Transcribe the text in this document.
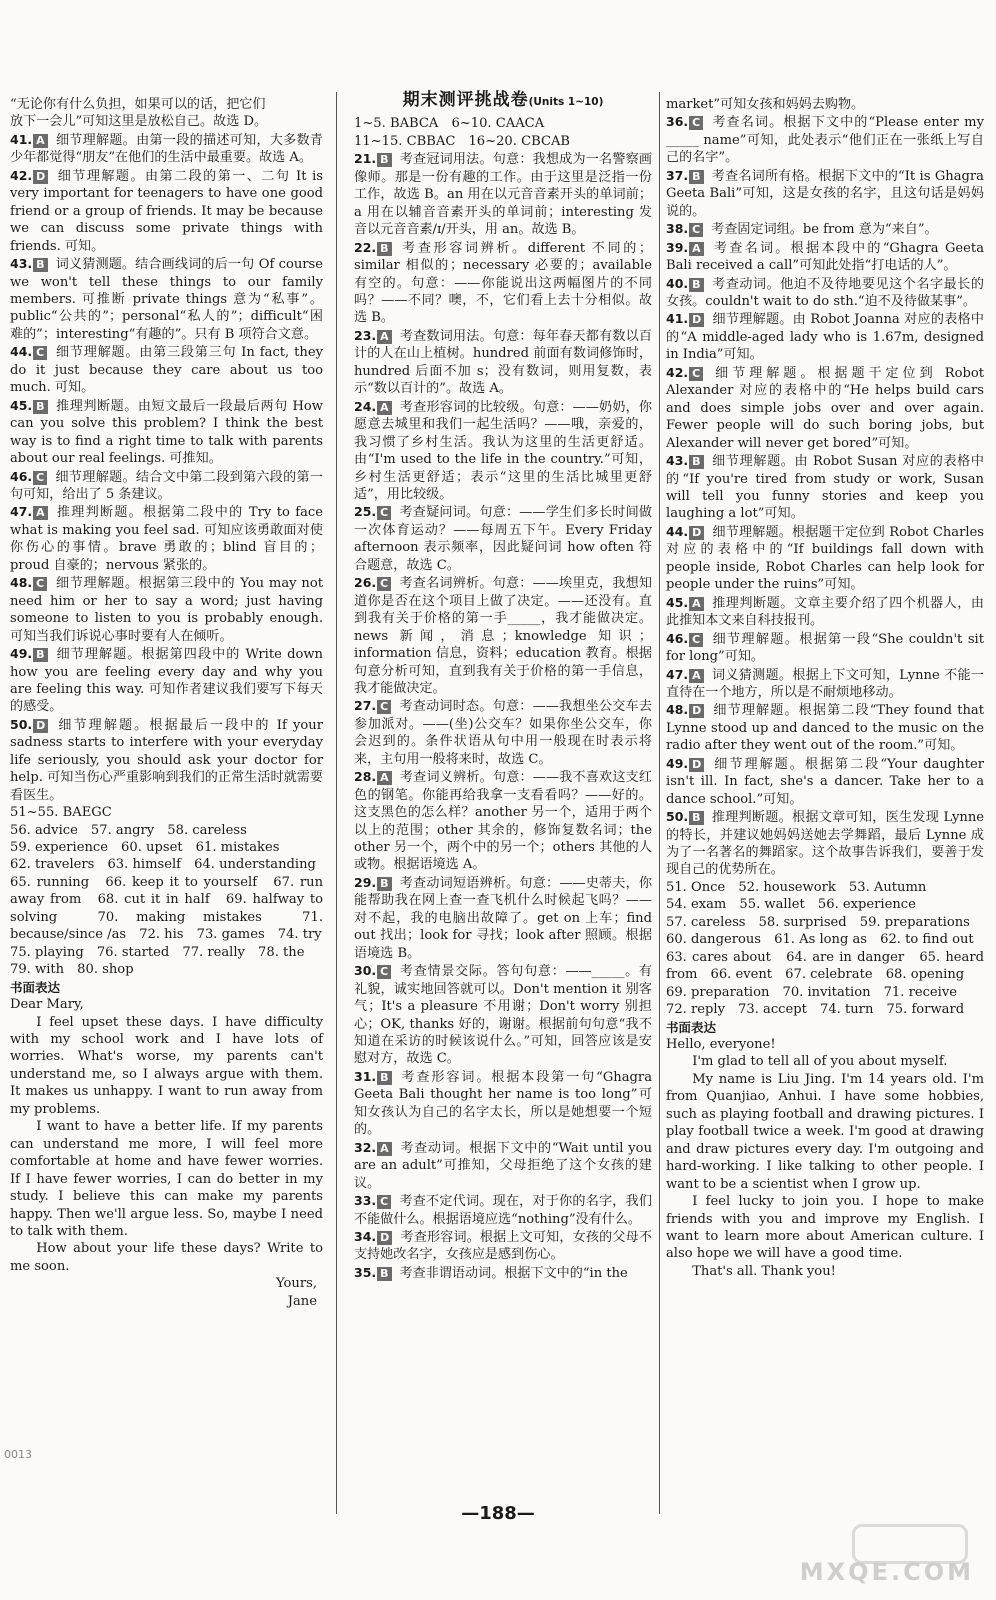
“无论你有什么负担，如果可以的话，把它们
放下一会儿”可知这里是放松自己。故选 D。
41. A 细节理解题。由第一段的描述可知，大多数青少年都觉得“朋友”在他们的生活中最重要。故选 A。
42. D 细节理解题。由第二段的第一、二句 It is very important for teenagers to have one good friend or a group of friends. It may be because we can discuss some private things with friends. 可知。
43. B 词义猜测题。结合画线词的后一句 Of course we won't tell these things to our family members. 可推断 private things 意为“私事”。public“公共的”；personal“私人的”；difficult“困难的”；interesting“有趣的”。只有 B 项符合文意。
44. C 细节理解题。由第三段第三句 In fact, they do it just because they care about us too much. 可知。
45. B 推理判断题。由短文最后一段最后两句 How can you solve this problem? I think the best way is to find a right time to talk with parents about our real feelings. 可推知。
46. C 细节理解题。结合文中第二段到第六段的第一句可知，给出了 5 条建议。
47. A 推理判断题。根据第二段中的 Try to face what is making you feel sad. 可知应该勇敢面对使你伤心的事情。brave 勇敢的；blind 盲目的；proud 自豪的；nervous 紧张的。
48. C 细节理解题。根据第三段中的 You may not need him or her to say a word; just having someone to listen to you is probably enough. 可知当我们诉说心事时要有人在倾听。
49. B 细节理解题。根据第四段中的 Write down how you are feeling every day and why you are feeling this way. 可知作者建议我们要写下每天的感受。
50. D 细节理解题。根据最后一段中的 If your sadness starts to interfere with your everyday life seriously, you should ask your doctor for help. 可知当伤心严重影响到我们的正常生活时就需要看医生。
51~55. BAEGC
56. advice　57. angry　58. careless
59. experience　60. upset　61. mistakes
62. travelers　63. himself　64. understanding
65. running　66. keep it to yourself　67. run away from　68. cut it in half　69. halfway to solving　70. making mistakes　71. because/since /as　72. his　73. games　74. try
75. playing　76. started　77. really　78. the
79. with　80. shop
书面表达

Dear Mary,

I feel upset these days. I have difficulty with my school work and I have lots of worries. What's worse, my parents can't understand me, so I always argue with them. It makes us unhappy. I want to run away from my problems.

I want to have a better life. If my parents can understand me more, I will feel more comfortable at home and have fewer worries. If I have fewer worries, I can do better in my study. I believe this can make my parents happy. Then we'll argue less. So, maybe I need to talk with them.

How about your life these days? Write to me soon.

Yours,
Jane
期末测评挑战卷(Units 1~10)
1~5. BABCA　6~10. CAACA
11~15. CBBAC　16~20. CBCAB
21. B 考查冠词用法。句意：我想成为一名警察画像师。那是一份有趣的工作。由于这里是泛指一份工作，故选 B。an 用在以元音音素开头的单词前；a 用在以辅音音素开头的单词前；interesting 发音以元音音素/ɪ/开头，用 an。故选 B。
22. B 考查形容词辨析。different 不同的；similar 相似的；necessary 必要的；available 有空的。句意：——你能说出这两幅图片的不同吗？——不同？噢，不，它们看上去十分相似。故选 B。
23. A 考查数词用法。句意：每年春天都有数以百计的人在山上植树。hundred 前面有数词修饰时，hundred 后面不加 s；没有数词，则用复数，表示“数以百计的”。故选 A。
24. A 考查形容词的比较级。句意：——奶奶，你愿意去城里和我们一起生活吗？——哦，亲爱的，我习惯了乡村生活。我认为这里的生活更舒适。由“I'm used to the life in the country.”可知，乡村生活更舒适；表示“这里的生活比城里更舒适”，用比较级。
25. C 考查疑问词。句意：——学生们多长时间做一次体育运动？——每周五下午。Every Friday afternoon 表示频率，因此疑问词 how often 符合题意，故选 C。
26. C 考查名词辨析。句意：——埃里克，我想知道你是否在这个项目上做了决定。——还没有。直到我有关于价格的第一手_____，我才能做决定。news 新闻，消息；knowledge 知识；information 信息，资料；education 教育。根据句意分析可知，直到我有关于价格的第一手信息，我才能做决定。
27. C 考查动词时态。句意：——我想坐公交车去参加派对。——(坐)公交车？如果你坐公交车，你会迟到的。条件状语从句中用一般现在时表示将来，主句用一般将来时，故选 C。
28. A 考查词义辨析。句意：——我不喜欢这支红色的钢笔。你能再给我拿一支看看吗？——好的。这支黑色的怎么样？another 另一个，适用于两个以上的范围；other 其余的，修饰复数名词；the other 另一个，两个中的另一个；others 其他的人或物。根据语境选 A。
29. B 考查动词短语辨析。句意：——史蒂夫，你能帮助我在网上查一查飞机什么时候起飞吗？——对不起，我的电脑出故障了。get on 上车；find out 找出；look for 寻找；look after 照顾。根据语境选 B。
30. C 考查情景交际。答句句意：——_____。有礼貌，诚实地回答就可以。Don't mention it 别客气；It's a pleasure 不用谢；Don't worry 别担心；OK, thanks 好的，谢谢。根据前句句意“我不知道在采访的时候该说什么。”可知，回答应该是安慰对方，故选 C。
31. B 考查形容词。根据本段第一句“Ghagra Geeta Bali thought her name is too long”可知女孩认为自己的名字太长，所以是她想要一个短的。
32. A 考查动词。根据下文中的“Wait until you are an adult”可推知，父母拒绝了这个女孩的建议。
33. C 考查不定代词。现在，对于你的名字，我们不能做什么。根据语境应选“nothing”没有什么。
34. D 考查形容词。根据上文可知，女孩的父母不支持她改名字，女孩应是感到伤心。
35. B 考查非谓语动词。根据下文中的“in the
market”可知女孩和妈妈去购物。
36. C 考查名词。根据下文中的“Please enter my _____ name”可知，此处表示“他们正在一张纸上写自己的名字”。
37. B 考查名词所有格。根据下文中的“It is Ghagra Geeta Bali”可知，这是女孩的名字，且这句话是妈妈说的。
38. C 考查固定词组。be from 意为“来自”。
39. A 考查名词。根据本段中的“Ghagra Geeta Bali received a call”可知此处指“打电话的人”。
40. B 考查动词。他迫不及待地要见这个名字最长的女孩。couldn't wait to do sth.“迫不及待做某事”。
41. D 细节理解题。由 Robot Joanna 对应的表格中的“A middle-aged lady who is 1.67m, designed in India”可知。
42. C 细节理解题。根据题干定位到 Robot Alexander 对应的表格中的“He helps build cars and does simple jobs over and over again. Fewer people will do such boring jobs, but Alexander will never get bored”可知。
43. B 细节理解题。由 Robot Susan 对应的表格中的“If you're tired from study or work, Susan will tell you funny stories and keep you laughing a lot”可知。
44. D 细节理解题。根据题干定位到 Robot Charles 对应的表格中的“If buildings fall down with people inside, Robot Charles can help look for people under the ruins”可知。
45. A 推理判断题。文章主要介绍了四个机器人，由此推知本文来自科技报刊。
46. C 细节理解题。根据第一段“She couldn't sit for long”可知。
47. A 词义猜测题。根据上下文可知，Lynne 不能一直待在一个地方，所以是不耐烦地移动。
48. D 细节理解题。根据第二段“They found that Lynne stood up and danced to the music on the radio after they went out of the room.”可知。
49. D 细节理解题。根据第二段“Your daughter isn't ill. In fact, she's a dancer. Take her to a dance school.”可知。
50. B 推理判断题。根据文章可知，医生发现 Lynne 的特长，并建议她妈妈送她去学舞蹈，最后 Lynne 成为了一名著名的舞蹈家。这个故事告诉我们，要善于发现自己的优势所在。
51. Once　52. housework　53. Autumn
54. exam　55. wallet　56. experience
57. careless　58. surprised　59. preparations
60. dangerous　61. As long as　62. to find out
63. cares about　64. are in danger　65. heard from　66. event　67. celebrate　68. opening
69. preparation　70. invitation　71. receive
72. reply　73. accept　74. turn　75. forward
书面表达

Hello, everyone!

I'm glad to tell all of you about myself.

My name is Liu Jing. I'm 14 years old. I'm from Quanjiao, Anhui. I have some hobbies, such as playing football and drawing pictures. I play football twice a week. I'm good at drawing and draw pictures every day. I'm outgoing and hard-working. I like talking to other people. I want to be a scientist when I grow up.

I feel lucky to join you. I hope to make friends with you and improve my English. I want to learn more about American culture. I also hope we will have a good time.

That's all. Thank you!

—188—
0013
MXQE.COM
